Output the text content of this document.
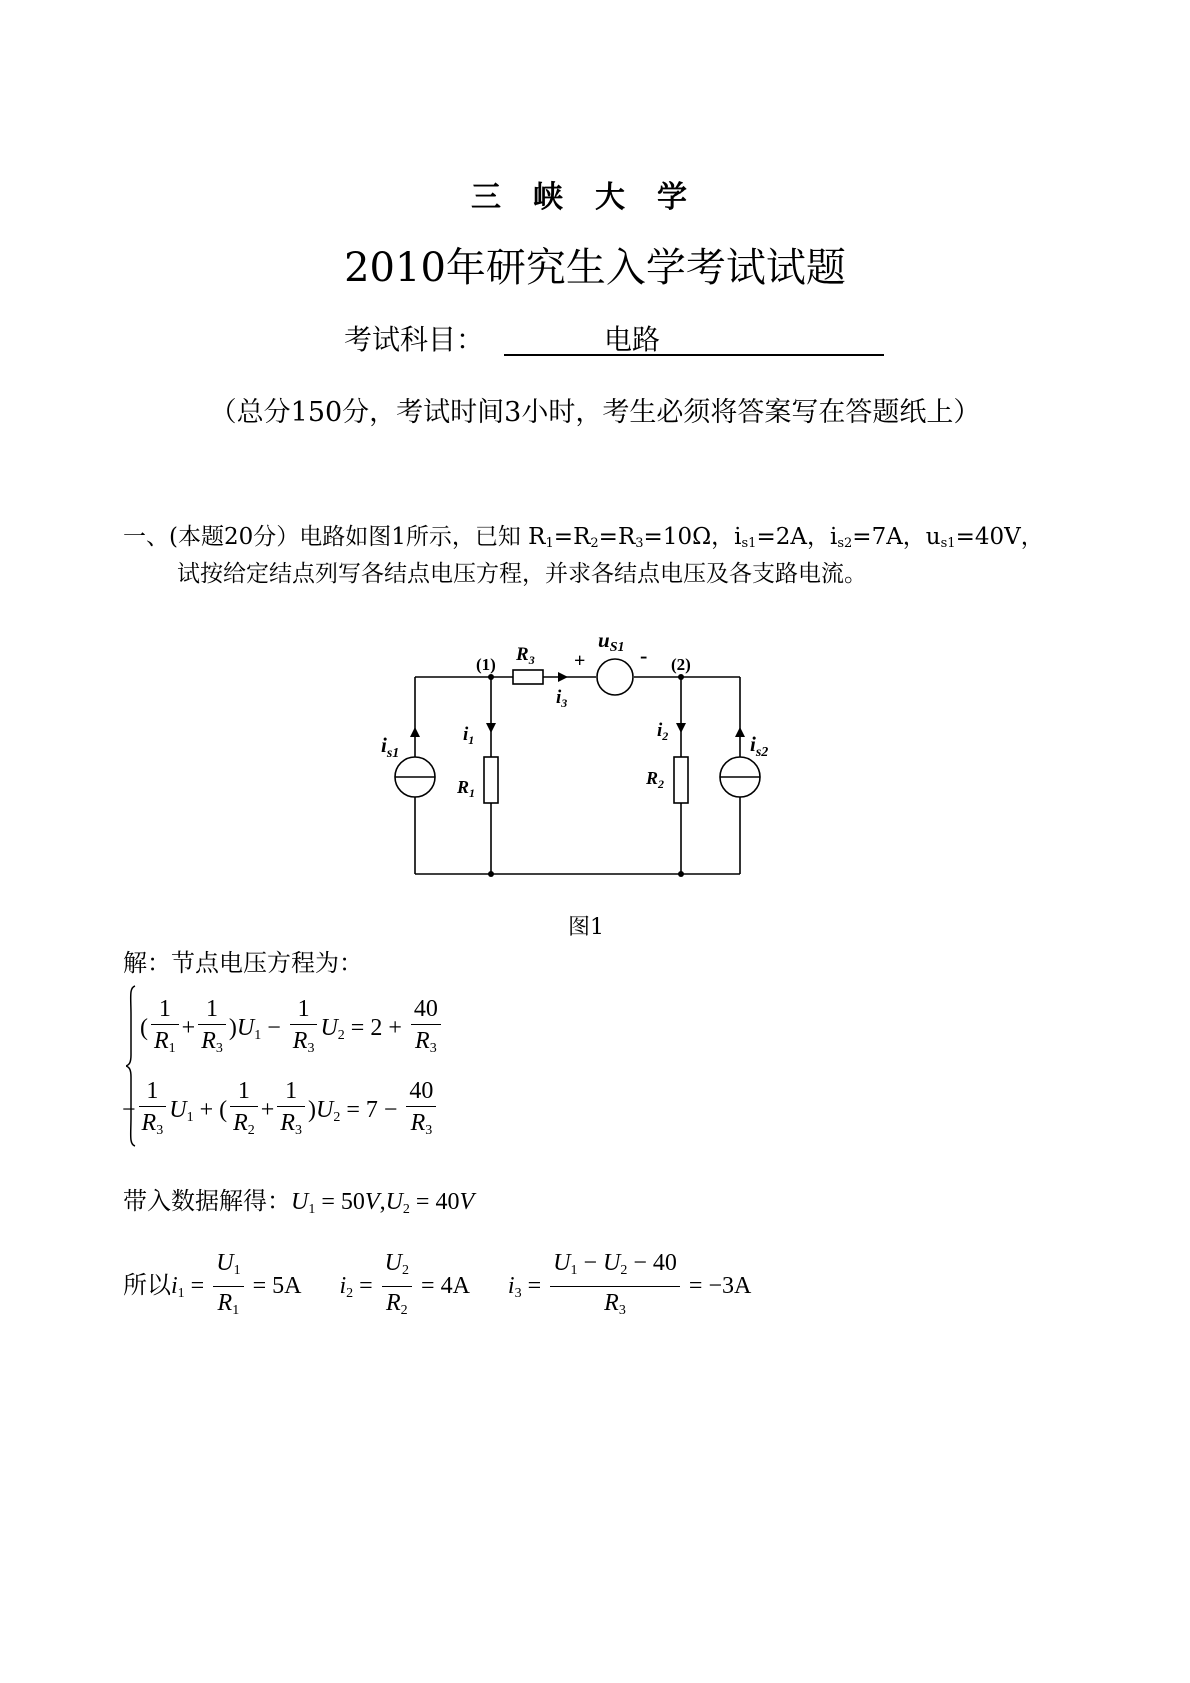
三峡大学
2010年研究生入学考试试题
考试科目：	电路
（总分150分，考试时间3小时，考生必须将答案写在答题纸上）
一、(本题20分）电路如图1所示，已知 $R_1=R_2=R_3=10\Omega$，$i_{s1}=2A$，$i_{s2}=7A$，$u_{s1}=40V$，
试按给定结点列写各结点电压方程，并求各结点电压及各支路电流。
(1)	(2)
$R_3$ + -
uS1
$i_3$
$i_1$	$i_2$
$R_1$
$R_2$
$i_{s1}$	$i_{s2}$
图1
解：节点电压方程为：
( $\frac{1}{R1} + \frac{1}{R3} )U1 - \frac{1}{R3} U2 = 2 + \frac{40}{R3}$
− $\frac{1}{R3} U1$ + ( $\frac{1}{R2} + \frac{1}{R3} )U2 = 7 - \frac{40}{R3}$
带入数据解得：U1 = 50V,U2 = 40V
所以$i1 = \frac{U1}{R1} = 5A$ $i2 = \frac{U2}{R2} = 4A$ $i3 = \frac{U1 - U2 - 40}{R3} = -3A$
